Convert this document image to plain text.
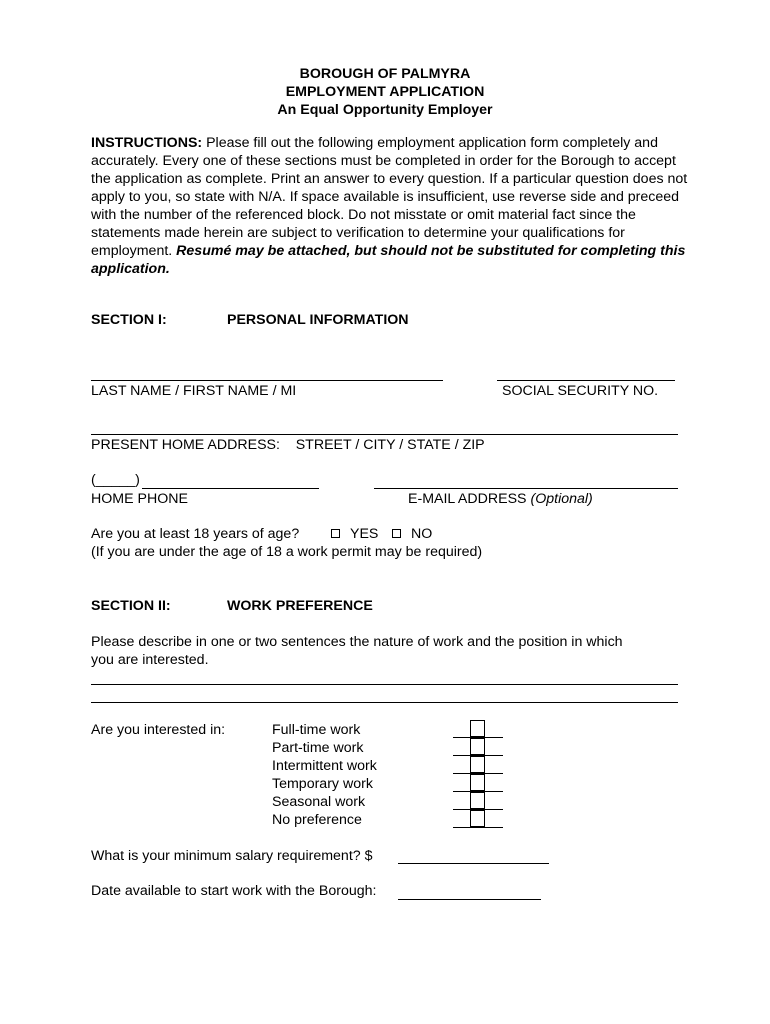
BOROUGH OF PALMYRA
EMPLOYMENT APPLICATION
An Equal Opportunity Employer
INSTRUCTIONS: Please fill out the following employment application form completely and accurately. Every one of these sections must be completed in order for the Borough to accept the application as complete. Print an answer to every question. If a particular question does not apply to you, so state with N/A. If space available is insufficient, use reverse side and preceed with the number of the referenced block. Do not misstate or omit material fact since the statements made herein are subject to verification to determine your qualifications for employment. Resumé may be attached, but should not be substituted for completing this application.
SECTION I:	PERSONAL INFORMATION
LAST NAME / FIRST NAME / MI	SOCIAL SECURITY NO.
PRESENT HOME ADDRESS:    STREET / CITY / STATE / ZIP
(_____)
HOME PHONE	E-MAIL ADDRESS (Optional)
Are you at least 18 years of age?	YES NO
(If you are under the age of 18 a work permit may be required)
SECTION II:	WORK PREFERENCE
Please describe in one or two sentences the nature of work and the position in which
you are interested.
Are you interested in:	Full-time work
Part-time work
Intermittent work
Temporary work
Seasonal work
No preference
What is your minimum salary requirement? $
Date available to start work with the Borough:
